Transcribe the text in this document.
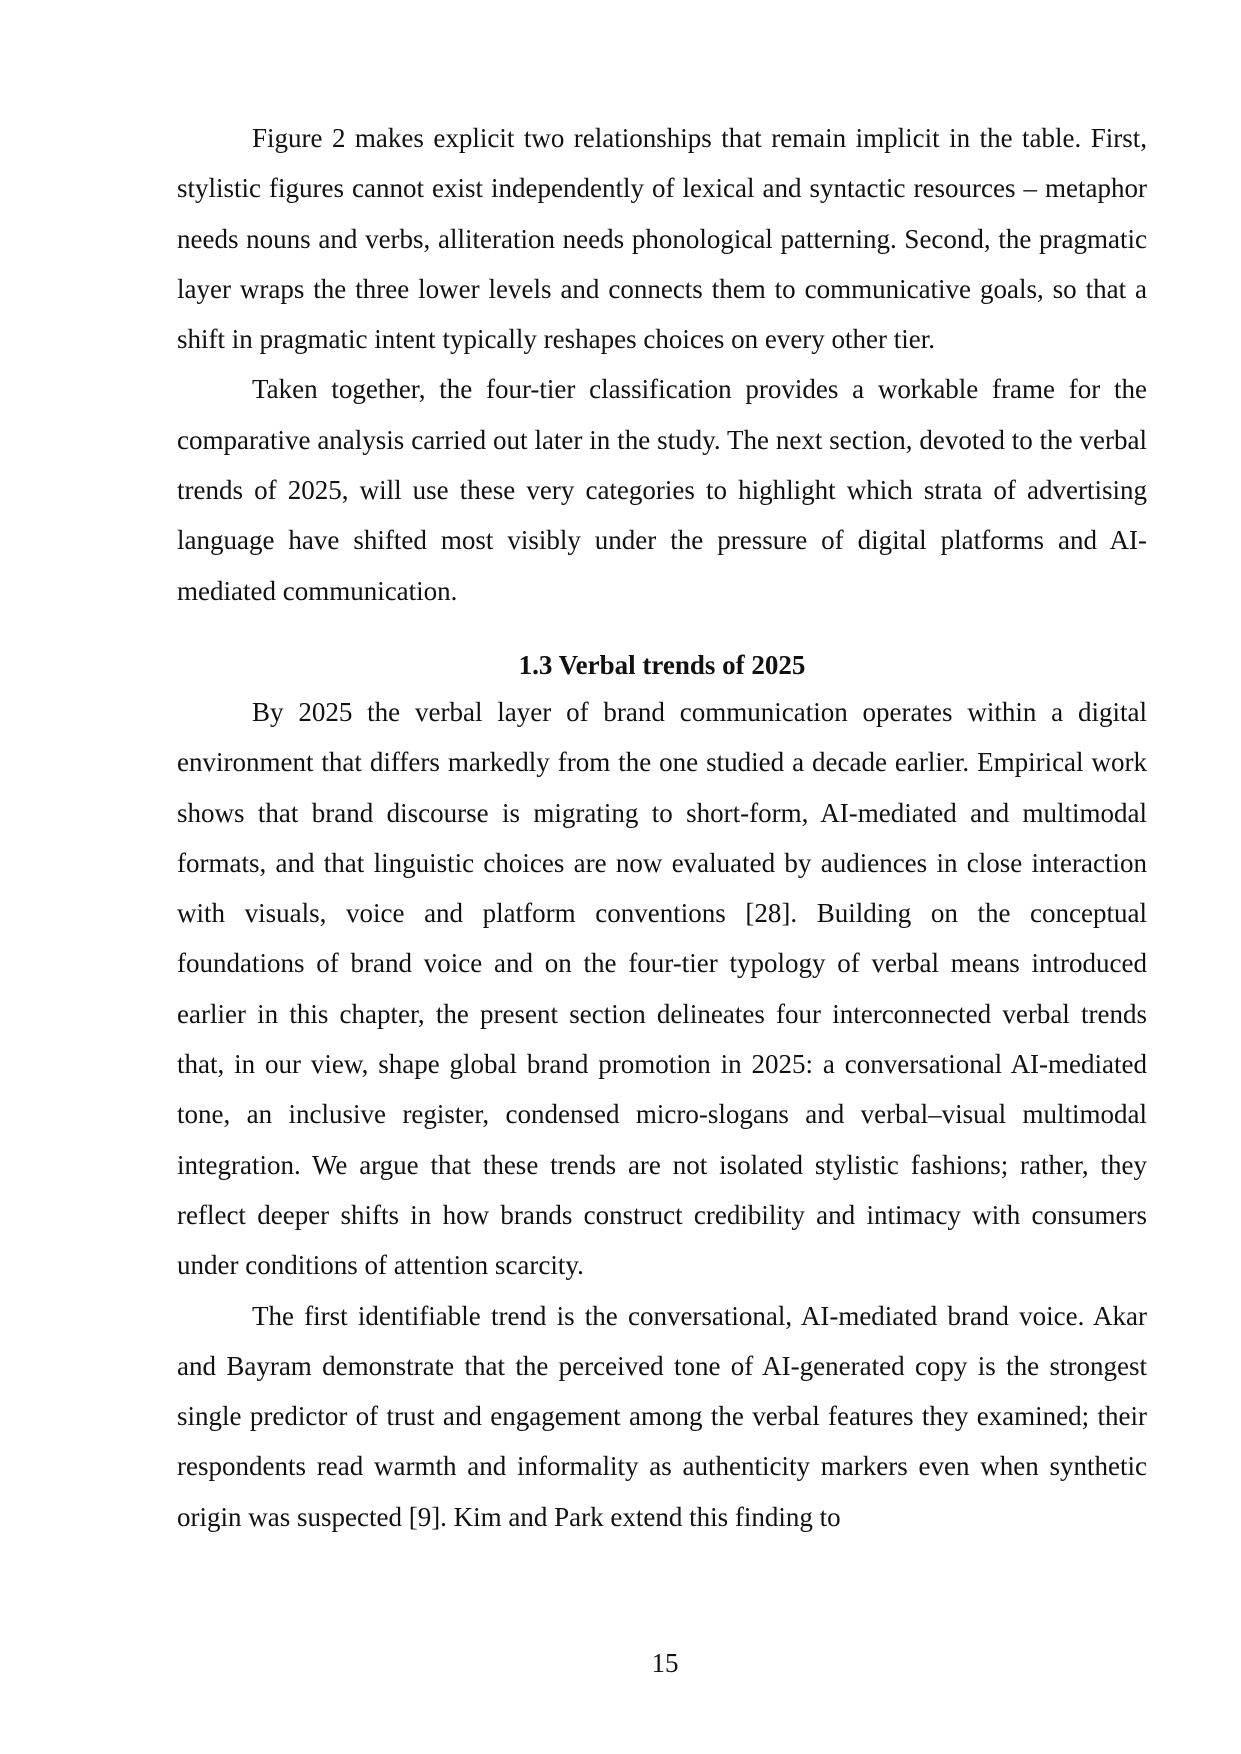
Figure 2 makes explicit two relationships that remain implicit in the table. First, stylistic figures cannot exist independently of lexical and syntactic resources – metaphor needs nouns and verbs, alliteration needs phonological patterning. Second, the pragmatic layer wraps the three lower levels and connects them to communicative goals, so that a shift in pragmatic intent typically reshapes choices on every other tier.

Taken together, the four-tier classification provides a workable frame for the comparative analysis carried out later in the study. The next section, devoted to the verbal trends of 2025, will use these very categories to highlight which strata of advertising language have shifted most visibly under the pressure of digital platforms and AI-mediated communication.

1.3 Verbal trends of 2025

By 2025 the verbal layer of brand communication operates within a digital environment that differs markedly from the one studied a decade earlier. Empirical work shows that brand discourse is migrating to short-form, AI-mediated and multimodal formats, and that linguistic choices are now evaluated by audiences in close interaction with visuals, voice and platform conventions [28]. Building on the conceptual foundations of brand voice and on the four-tier typology of verbal means introduced earlier in this chapter, the present section delineates four interconnected verbal trends that, in our view, shape global brand promotion in 2025: a conversational AI-mediated tone, an inclusive register, condensed micro-slogans and verbal–visual multimodal integration. We argue that these trends are not isolated stylistic fashions; rather, they reflect deeper shifts in how brands construct credibility and intimacy with consumers under conditions of attention scarcity.

The first identifiable trend is the conversational, AI-mediated brand voice. Akar and Bayram demonstrate that the perceived tone of AI-generated copy is the strongest single predictor of trust and engagement among the verbal features they examined; their respondents read warmth and informality as authenticity markers even when synthetic origin was suspected [9]. Kim and Park extend this finding to

15
